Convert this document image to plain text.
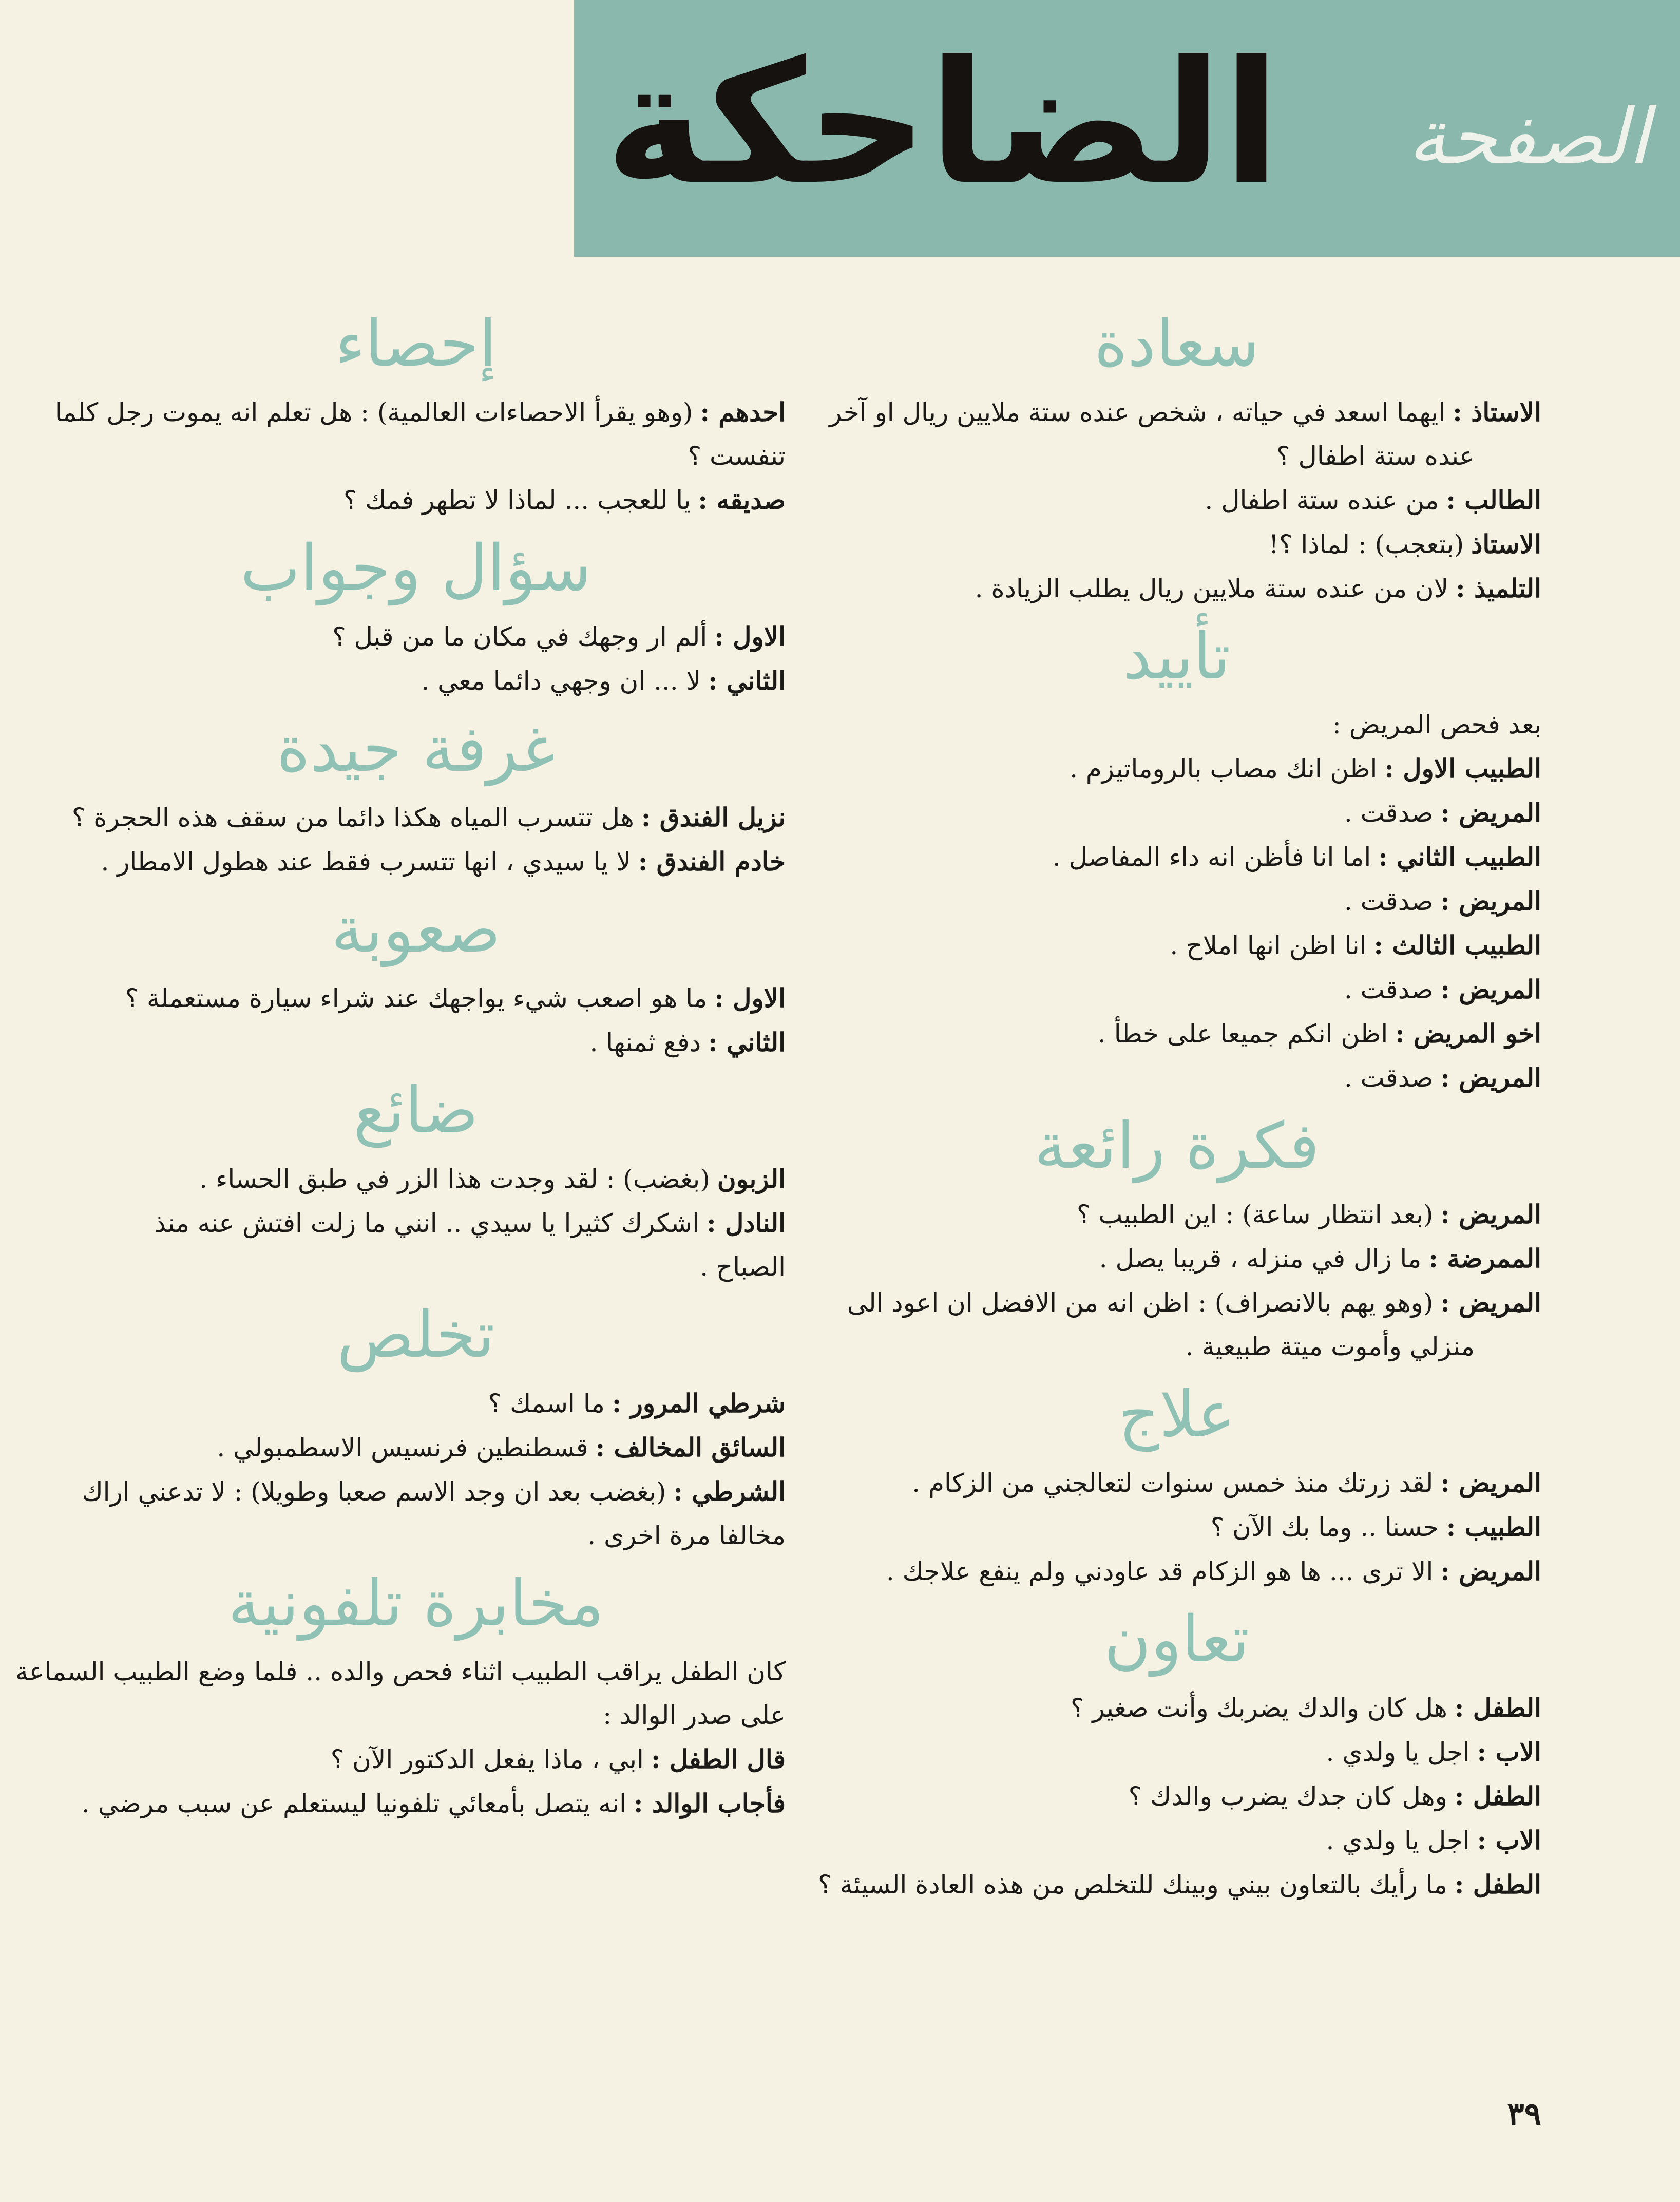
الضاحكة الصفحة
سعادة
الاستاذ :ايهما اسعد في حياته ، شخص عنده ستة ملايين ريال او آخر
عنده ستة اطفال ؟
الطالب :من عنده ستة اطفال .
الاستاذ(بتعجب) : لماذا ؟!
التلميذ :لان من عنده ستة ملايين ريال يطلب الزيادة .
تأييد
بعد فحص المريض :
الطبيب الاول :اظن انك مصاب بالروماتيزم .
المريض :صدقت .
الطبيب الثاني :اما انا فأظن انه داء المفاصل .
المريض :صدقت .
الطبيب الثالث :انا اظن انها املاح .
المريض :صدقت .
اخو المريض :اظن انكم جميعا على خطأ .
المريض :صدقت .
فكرة رائعة
المريض :(بعد انتظار ساعة) : اين الطبيب ؟
الممرضة :ما زال في منزله ، قريبا يصل .
المريض :(وهو يهم بالانصراف) : اظن انه من الافضل ان اعود الى
منزلي وأموت ميتة طبيعية .
علاج
المريض :لقد زرتك منذ خمس سنوات لتعالجني من الزكام .
الطبيب :حسنا .. وما بك الآن ؟
المريض :الا ترى ... ها هو الزكام قد عاودني ولم ينفع علاجك .
تعاون
الطفل :هل كان والدك يضربك وأنت صغير ؟
الاب :اجل يا ولدي .
الطفل :وهل كان جدك يضرب والدك ؟
الاب :اجل يا ولدي .
الطفل :ما رأيك بالتعاون بيني وبينك للتخلص من هذه العادة السيئة ؟
إحصاء
احدهم :(وهو يقرأ الاحصاءات العالمية) : هل تعلم انه يموت رجل كلما
تنفست ؟
صديقه :يا للعجب ... لماذا لا تطهر فمك ؟
سؤال وجواب
الاول :ألم ار وجهك في مكان ما من قبل ؟
الثاني :لا ... ان وجهي دائما معي .
غرفة جيدة
نزيل الفندق :هل تتسرب المياه هكذا دائما من سقف هذه الحجرة ؟
خادم الفندق :لا يا سيدي ، انها تتسرب فقط عند هطول الامطار .
صعوبة
الاول :ما هو اصعب شيء يواجهك عند شراء سيارة مستعملة ؟
الثاني :دفع ثمنها .
ضائع
الزبون(بغضب) : لقد وجدت هذا الزر في طبق الحساء .
النادل :اشكرك كثيرا يا سيدي .. انني ما زلت افتش عنه منذ
الصباح .
تخلص
شرطي المرور :ما اسمك ؟
السائق المخالف :قسطنطين فرنسيس الاسطمبولي .
الشرطي :(بغضب بعد ان وجد الاسم صعبا وطويلا) : لا تدعني اراك
مخالفا مرة اخرى .
مخابرة تلفونية
كان الطفل يراقب الطبيب اثناء فحص والده .. فلما وضع الطبيب السماعة
على صدر الوالد :
قال الطفل :ابي ، ماذا يفعل الدكتور الآن ؟
فأجاب الوالد :انه يتصل بأمعائي تلفونيا ليستعلم عن سبب مرضي .
٣٩
